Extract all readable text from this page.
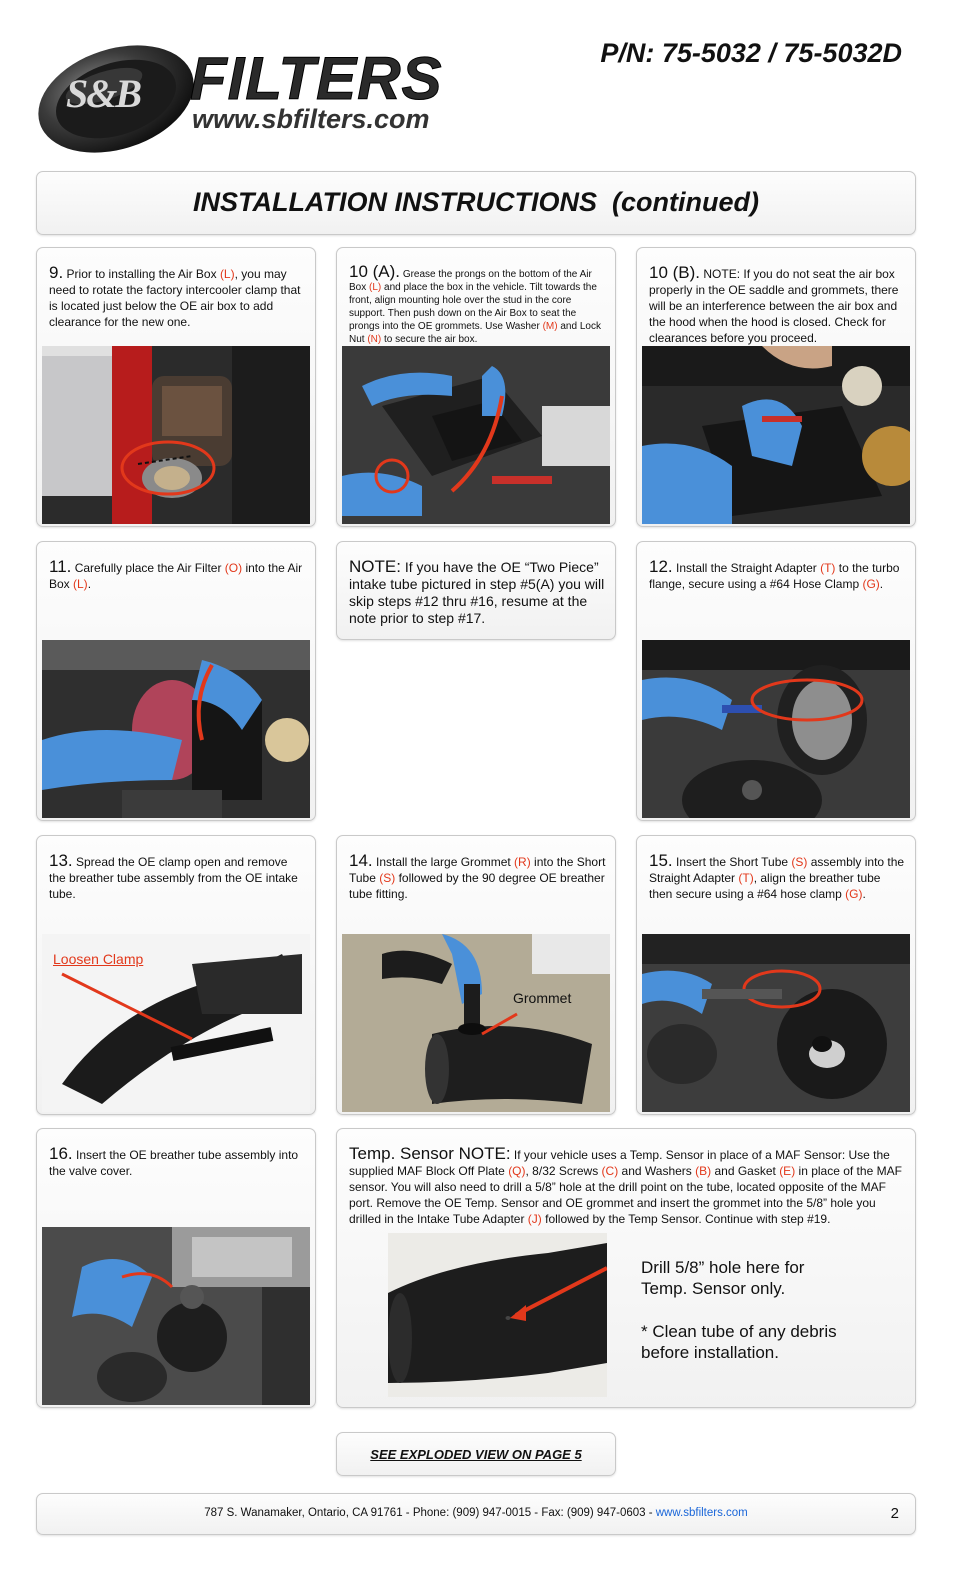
S&B FILTERS
www.sbfilters.com
P/N: 75-5032 / 75-5032D
INSTALLATION INSTRUCTIONS  (continued)
9. Prior to installing the Air Box (L), you may need to rotate the factory intercooler clamp that is located just below the OE air box to add clearance for the new one.
10 (A). Grease the prongs on the bottom of the Air Box (L) and place the box in the vehicle. Tilt towards the front, align mounting hole over the stud in the core support. Then push down on the Air Box to seat the prongs into the OE grommets. Use Washer (M) and Lock Nut (N) to secure the air box.
10 (B). NOTE: If you do not seat the air box properly in the OE saddle and grommets, there will be an interference between the air box and the hood when the hood is closed. Check for clearances before you proceed.
11. Carefully place the Air Filter (O) into the Air Box (L).
NOTE: If you have the OE “Two Piece” intake tube pictured in step #5(A) you will skip steps #12 thru #16, resume at the note prior to step #17.
12. Install the Straight Adapter (T) to the turbo flange, secure using a #64 Hose Clamp (G).
13. Spread the OE clamp open and remove the breather tube assembly from the OE intake tube.
Loosen Clamp
14. Install the large Grommet (R) into the Short Tube (S) followed by the 90 degree OE breather tube fitting.
Grommet
15. Insert the Short Tube (S) assembly into the Straight Adapter (T), align the breather tube then secure using a #64 hose clamp (G).
16. Insert the OE breather tube assembly into the valve cover.
Temp. Sensor NOTE: If your vehicle uses a Temp. Sensor in place of a MAF Sensor: Use the supplied MAF Block Off Plate (Q), 8/32 Screws (C) and Washers (B) and Gasket (E) in place of the MAF sensor. You will also need to drill a 5/8” hole at the drill point on the tube, located opposite of the MAF port. Remove the OE Temp. Sensor and OE grommet and insert the grommet into the 5/8” hole you drilled in the Intake Tube Adapter (J) followed by the Temp Sensor. Continue with step #19.
Drill 5/8” hole here for
Temp. Sensor only.
* Clean tube of any debris
before installation.
SEE EXPLODED VIEW ON PAGE 5
787 S. Wanamaker, Ontario, CA 91761 - Phone: (909) 947-0015 - Fax: (909) 947-0603 - www.sbfilters.com	2
